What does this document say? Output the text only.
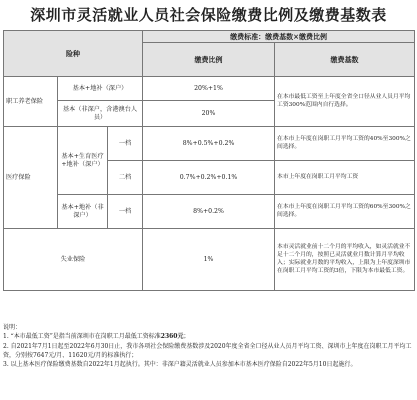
深圳市灵活就业人员社会保险缴费比例及缴费基数表
险种			缴费标准：缴费基数×缴费比例	
			缴费比例	缴费基数
职工养老保险	基本+地补（深户）		20%+1%	在本市最低工资至上年度全省全口径从业人员月平均工资300%范围内自行选择。
	基本（非深户，含港澳台人员）		20%	
医疗保险	基本+生育医疗+地补（深户）	一档	8%+0.5%+0.2%	在本市上年度在岗职工月平均工资的40%至300%之间选择。
		二档	0.7%+0.2%+0.1%	本市上年度在岗职工月平均工资
	基本+地补（非深户）	一档	8%+0.2%	在本市上年度在岗职工月平均工资的60%至300%之间选择。
失业保险			1%	本市灵活就业前十二个月的平均收入，如灵活就业不足十二个月的，按照已灵活就业月数计算月平均收入；实际就业月数的平均收入，上限为上年度深圳市在岗职工月平均工资的3倍，下限为本市最低工资。
说明：
1. “本市最低工资”是指当前深圳市在岗职工月最低工资标准2360元；
2. 自2021年7月1日起至2022年6月30日止，我市各项社会保险缴费基数涉及2020年度全省全口径从业人员月平均工资、深圳市上年度在岗职工月平均工资，分别按7647元/月、11620元/月的标准执行；
3. 以上基本医疗保险缴费基数自2022年1月起执行。其中：非深户籍灵活就业人员参加本市基本医疗保险自2022年5月10日起施行。
